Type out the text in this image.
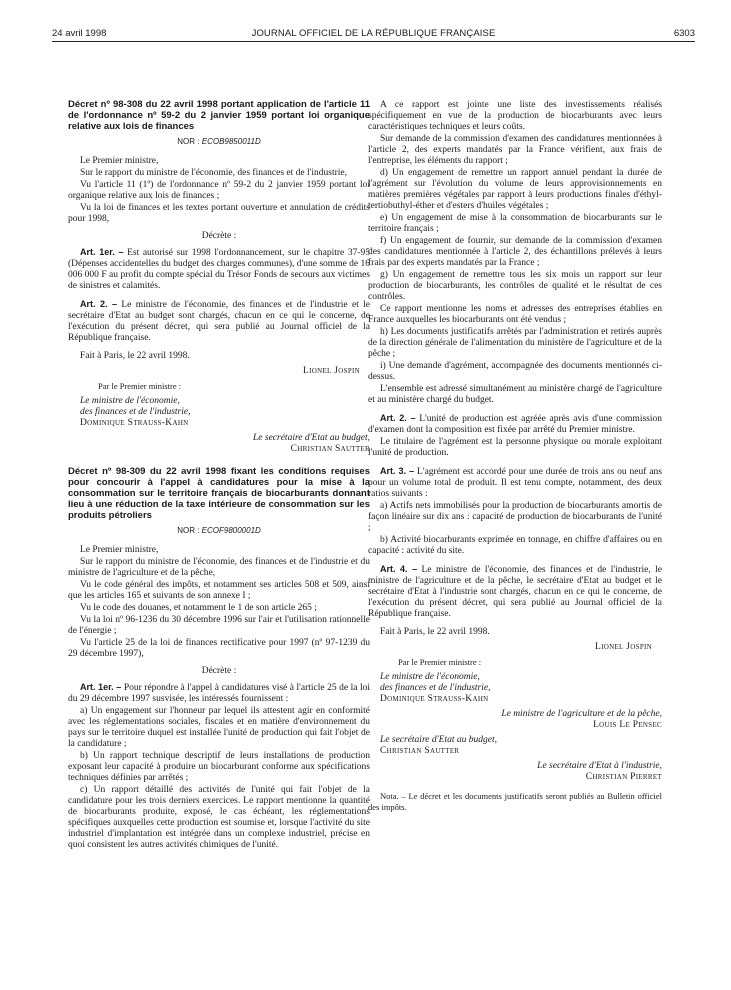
24 avril 1998	JOURNAL OFFICIEL DE LA RÉPUBLIQUE FRANÇAISE	6303

Décret nº 98-308 du 22 avril 1998 portant application de l'article 11 de l'ordonnance nº 59-2 du 2 janvier 1959 portant loi organique relative aux lois de finances

NOR : ECOB9850011D

Le Premier ministre,

Sur le rapport du ministre de l'économie, des finances et de l'industrie,

Vu l'article 11 (1º) de l'ordonnance nº 59-2 du 2 janvier 1959 portant loi organique relative aux lois de finances ;

Vu la loi de finances et les textes portant ouverture et annulation de crédits pour 1998,

Décrète :

Art. 1er. – Est autorisé sur 1998 l'ordonnancement, sur le chapitre 37-95 (Dépenses accidentelles du budget des charges communes), d'une somme de 16 006 000 F au profit du compte spécial du Trésor Fonds de secours aux victimes de sinistres et calamités.

Art. 2. – Le ministre de l'économie, des finances et de l'industrie et le secrétaire d'Etat au budget sont chargés, chacun en ce qui le concerne, de l'exécution du présent décret, qui sera publié au Journal officiel de la République française.

Fait à Paris, le 22 avril 1998.

Lionel Jospin

Par le Premier ministre :

Le ministre de l'économie,
des finances et de l'industrie,
Dominique Strauss-Kahn

Le secrétaire d'Etat au budget,
Christian Sautter

Décret nº 98-309 du 22 avril 1998 fixant les conditions requises pour concourir à l'appel à candidatures pour la mise à la consommation sur le territoire français de biocarburants donnant lieu à une réduction de la taxe intérieure de consommation sur les produits pétroliers

NOR : ECOF9800001D

Le Premier ministre,

Sur le rapport du ministre de l'économie, des finances et de l'industrie et du ministre de l'agriculture et de la pêche,

Vu le code général des impôts, et notamment ses articles 508 et 509, ainsi que les articles 165 et suivants de son annexe I ;

Vu le code des douanes, et notamment le 1 de son article 265 ;

Vu la loi nº 96-1236 du 30 décembre 1996 sur l'air et l'utilisation rationnelle de l'énergie ;

Vu l'article 25 de la loi de finances rectificative pour 1997 (nº 97-1239 du 29 décembre 1997),

Décrète :

Art. 1er. – Pour répondre à l'appel à candidatures visé à l'article 25 de la loi du 29 décembre 1997 susvisée, les intéressés fournissent :

a) Un engagement sur l'honneur par lequel ils attestent agir en conformité avec les réglementations sociales, fiscales et en matière d'environnement du pays sur le territoire duquel est installée l'unité de production qui fait l'objet de la candidature ;

b) Un rapport technique descriptif de leurs installations de production exposant leur capacité à produire un biocarburant conforme aux spécifications techniques définies par arrêtés ;

c) Un rapport détaillé des activités de l'unité qui fait l'objet de la candidature pour les trois derniers exercices. Le rapport mentionne la quantité de biocarburants produite, exposé, le cas échéant, les réglementations spécifiques auxquelles cette production est soumise et, lorsque l'activité du site industriel d'implantation est intégrée dans un complexe industriel, précise en quoi consistent les autres activités chimiques de l'unité.

A ce rapport est jointe une liste des investissements réalisés spécifiquement en vue de la production de biocarburants avec leurs caractéristiques techniques et leurs coûts.

Sur demande de la commission d'examen des candidatures mentionnées à l'article 2, des experts mandatés par la France vérifient, aux frais de l'entreprise, les éléments du rapport ;

d) Un engagement de remettre un rapport annuel pendant la durée de l'agrément sur l'évolution du volume de leurs approvisionnements en matières premières végétales par rapport à leurs productions finales d'éthyl-tertiobuthyl-éther et d'esters d'huiles végétales ;

e) Un engagement de mise à la consommation de biocarburants sur le territoire français ;

f) Un engagement de fournir, sur demande de la commission d'examen des candidatures mentionnée à l'article 2, des échantillons prélevés à leurs frais par des experts mandatés par la France ;

g) Un engagement de remettre tous les six mois un rapport sur leur production de biocarburants, les contrôles de qualité et le résultat de ces contrôles.

Ce rapport mentionne les noms et adresses des entreprises établies en France auxquelles les biocarburants ont été vendus ;

h) Les documents justificatifs arrêtés par l'administration et retirés auprès de la direction générale de l'alimentation du ministère de l'agriculture et de la pêche ;

i) Une demande d'agrément, accompagnée des documents mentionnés ci-dessus.

L'ensemble est adressé simultanément au ministère chargé de l'agriculture et au ministère chargé du budget.

Art. 2. – L'unité de production est agréée après avis d'une commission d'examen dont la composition est fixée par arrêté du Premier ministre.

Le titulaire de l'agrément est la personne physique ou morale exploitant l'unité de production.

Art. 3. – L'agrément est accordé pour une durée de trois ans ou neuf ans pour un volume total de produit. Il est tenu compte, notamment, des deux ratios suivants :

a) Actifs nets immobilisés pour la production de biocarburants amortis de façon linéaire sur dix ans : capacité de production de biocarburants de l'unité ;

b) Activité biocarburants exprimée en tonnage, en chiffre d'affaires ou en capacité : activité du site.

Art. 4. – Le ministre de l'économie, des finances et de l'industrie, le ministre de l'agriculture et de la pêche, le secrétaire d'Etat au budget et le secrétaire d'Etat à l'industrie sont chargés, chacun en ce qui le concerne, de l'exécution du présent décret, qui sera publié au Journal officiel de la République française.

Fait à Paris, le 22 avril 1998.

Lionel Jospin

Par le Premier ministre :

Le ministre de l'économie,
des finances et de l'industrie,
Dominique Strauss-Kahn

Le ministre de l'agriculture et de la pêche,
Louis Le Pensec

Le secrétaire d'Etat au budget,
Christian Sautter

Le secrétaire d'Etat à l'industrie,
Christian Pierret

Nota. – Le décret et les documents justificatifs seront publiés au Bulletin officiel des impôts.
